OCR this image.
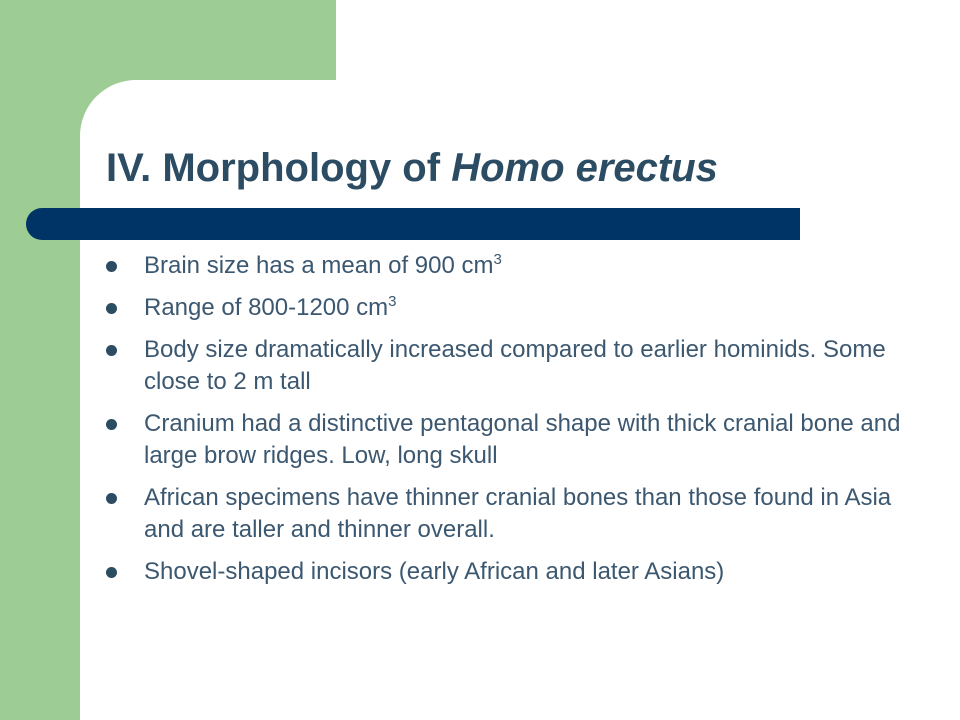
IV. Morphology of Homo erectus
Brain size has a mean of 900 $cm^3$
Range of 800-1200 $cm^3$
Body size dramatically increased compared to earlier hominids. Some close to 2 m tall
Cranium had a distinctive pentagonal shape with thick cranial bone and large brow ridges. Low, long skull
African specimens have thinner cranial bones than those found in Asia and are taller and thinner overall.
Shovel-shaped incisors (early African and later Asians)
